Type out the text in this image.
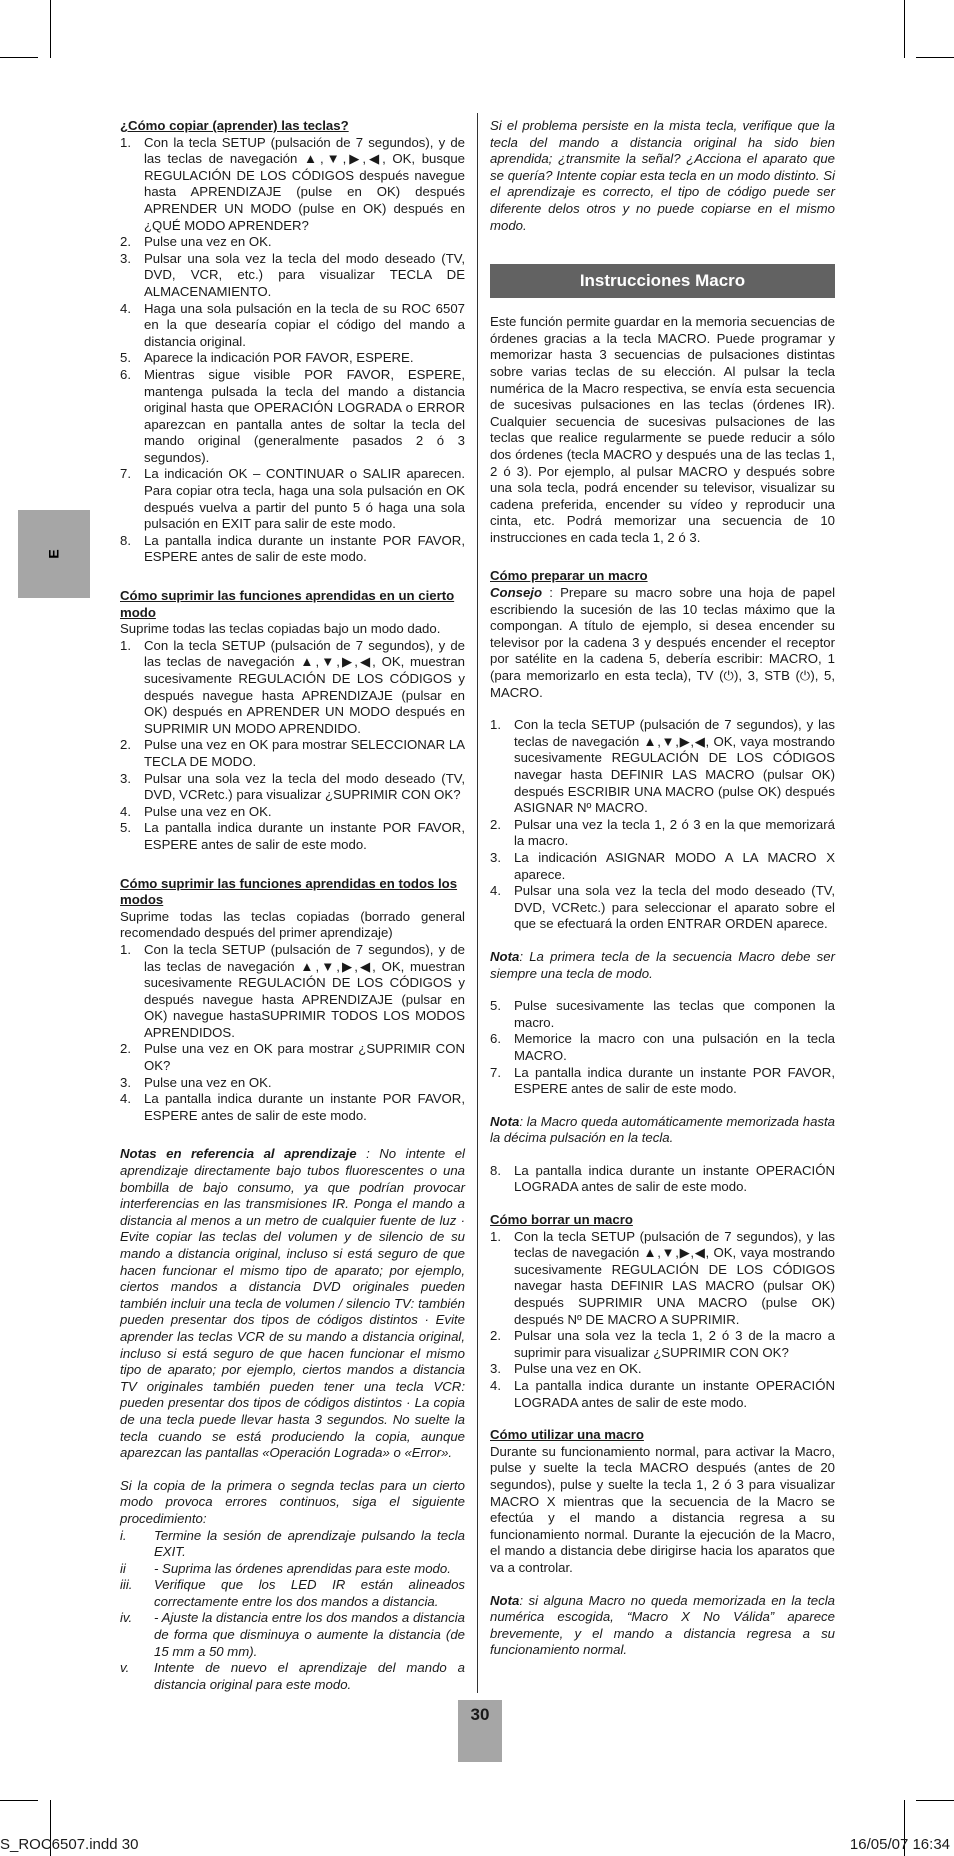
E
¿Cómo copiar (aprender) las teclas?
1. Con la tecla SETUP (pulsación de 7 segundos), y de las teclas de navegación ▲,▼,▶,◀, OK, busque REGULACIÓN DE LOS CÓDIGOS después navegue hasta APRENDIZAJE (pulse en OK) después APRENDER UN MODO (pulse en OK) después en ¿QUÉ MODO APRENDER?
2. Pulse una vez en OK.
3. Pulsar una sola vez la tecla del modo deseado (TV, DVD, VCR, etc.) para visualizar TECLA DE ALMACENAMIENTO.
4. Haga una sola pulsación en la tecla de su ROC 6507 en la que desearía copiar el código del mando a distancia original.
5. Aparece la indicación POR FAVOR, ESPERE.
6. Mientras sigue visible POR FAVOR, ESPERE, mantenga pulsada la tecla del mando a distancia original hasta que OPERACIÓN LOGRADA o ERROR aparezcan en pantalla antes de soltar la tecla del mando original (generalmente pasados 2 ó 3 segundos).
7. La indicación OK – CONTINUAR o SALIR aparecen. Para copiar otra tecla, haga una sola pulsación en OK después vuelva a partir del punto 5 ó haga una sola pulsación en EXIT para salir de este modo.
8. La pantalla indica durante un instante POR FAVOR, ESPERE antes de salir de este modo.
Cómo suprimir las funciones aprendidas en un cierto modo

Suprime todas las teclas copiadas bajo un modo dado.

1. Con la tecla SETUP (pulsación de 7 segundos), y de las teclas de navegación ▲,▼,▶,◀, OK, muestran sucesivamente REGULACIÓN DE LOS CÓDIGOS y después navegue hasta APRENDIZAJE (pulsar en OK) después en APRENDER UN MODO después en SUPRIMIR UN MODO APRENDIDO.
2. Pulse una vez en OK para mostrar SELECCIONAR LA TECLA DE MODO.
3. Pulsar una sola vez la tecla del modo deseado (TV, DVD, VCRetc.) para visualizar ¿SUPRIMIR CON OK?
4. Pulse una vez en OK.
5. La pantalla indica durante un instante POR FAVOR, ESPERE antes de salir de este modo.
Cómo suprimir las funciones aprendidas en todos los modos

Suprime todas las teclas copiadas (borrado general recomendado después del primer aprendizaje)

1. Con la tecla SETUP (pulsación de 7 segundos), y de las teclas de navegación ▲,▼,▶,◀, OK, muestran sucesivamente REGULACIÓN DE LOS CÓDIGOS y después navegue hasta APRENDIZAJE (pulsar en OK) navegue hastaSUPRIMIR TODOS LOS MODOS APRENDIDOS.
2. Pulse una vez en OK para mostrar ¿SUPRIMIR CON OK?
3. Pulse una vez en OK.
4. La pantalla indica durante un instante POR FAVOR, ESPERE antes de salir de este modo.

Notas en referencia al aprendizaje : No intente el aprendizaje directamente bajo tubos fluorescentes o una bombilla de bajo consumo, ya que podrían provocar interferencias en las transmisiones IR. Ponga el mando a distancia al menos a un metro de cualquier fuente de luz · Evite copiar las teclas del volumen y de silencio de su mando a distancia original, incluso si está seguro de que hacen funcionar el mismo tipo de aparato; por ejemplo, ciertos mandos a distancia DVD originales pueden también incluir una tecla de volumen / silencio TV: también pueden presentar dos tipos de códigos distintos · Evite aprender las teclas VCR de su mando a distancia original, incluso si está seguro de que hacen funcionar el mismo tipo de aparato; por ejemplo, ciertos mandos a distancia TV originales también pueden tener una tecla VCR: pueden presentar dos tipos de códigos distintos · La copia de una tecla puede llevar hasta 3 segundos. No suelte la tecla cuando se está produciendo la copia, aunque aparezcan las pantallas «Operación Lograda» o «Error».

Si la copia de la primera o segnda teclas para un cierto modo provoca errores continuos, siga el siguiente procedimiento:

i. Termine la sesión de aprendizaje pulsando la tecla EXIT.
ii - Suprima las órdenes aprendidas para este modo.
iii. Verifique que los LED IR están alineados correctamente entre los dos mandos a distancia.
iv. - Ajuste la distancia entre los dos mandos a distancia de forma que disminuya o aumente la distancia (de 15 mm a 50 mm).
v. Intente de nuevo el aprendizaje del mando a distancia original para este modo.

Si el problema persiste en la mista tecla, verifique que la tecla del mando a distancia original ha sido bien aprendida; ¿transmite la señal? ¿Acciona el aparato que se quería? Intente copiar esta tecla en un modo distinto. Si el aprendizaje es correcto, el tipo de código puede ser diferente delos otros y no puede copiarse en el mismo modo.

Instrucciones Macro

Este función permite guardar en la memoria secuencias de órdenes gracias a la tecla MACRO. Puede programar y memorizar hasta 3 secuencias de pulsaciones distintas sobre varias teclas de su elección. Al pulsar la tecla numérica de la Macro respectiva, se envía esta secuencia de sucesivas pulsaciones en las teclas (órdenes IR). Cualquier secuencia de sucesivas pulsaciones de las teclas que realice regularmente se puede reducir a sólo dos órdenes (tecla MACRO y después una de las teclas 1, 2 ó 3). Por ejemplo, al pulsar MACRO y después sobre una sola tecla, podrá encender su televisor, visualizar su cadena preferida, encender su vídeo y reproducir una cinta, etc. Podrá memorizar una secuencia de 10 instrucciones en cada tecla 1, 2 ó 3.

Cómo preparar un macro

Consejo : Prepare su macro sobre una hoja de papel escribiendo la sucesión de las 10 teclas máximo que la compongan. A título de ejemplo, si desea encender su televisor por la cadena 3 y después encender el receptor por satélite en la cadena 5, debería escribir: MACRO, 1 (para memorizarlo en esta tecla), TV (⏻), 3, STB (⏻), 5, MACRO.

1. Con la tecla SETUP (pulsación de 7 segundos), y las teclas de navegación ▲,▼,▶,◀, OK, vaya mostrando sucesivamente REGULACIÓN DE LOS CÓDIGOS navegar hasta DEFINIR LAS MACRO (pulsar OK) después ESCRIBIR UNA MACRO (pulse OK) después ASIGNAR Nº MACRO.
2. Pulsar una vez la tecla 1, 2 ó 3 en la que memorizará la macro.
3. La indicación ASIGNAR MODO A LA MACRO X aparece.
4. Pulsar una sola vez la tecla del modo deseado (TV, DVD, VCRetc.) para seleccionar el aparato sobre el que se efectuará la orden ENTRAR ORDEN aparece.

Nota: La primera tecla de la secuencia Macro debe ser siempre una tecla de modo.

5. Pulse sucesivamente las teclas que componen la macro.
6. Memorice la macro con una pulsación en la tecla MACRO.
7. La pantalla indica durante un instante POR FAVOR, ESPERE antes de salir de este modo.

Nota: la Macro queda automáticamente memorizada hasta la décima pulsación en la tecla.

8. La pantalla indica durante un instante OPERACIÓN LOGRADA antes de salir de este modo.
Cómo borrar un macro
1. Con la tecla SETUP (pulsación de 7 segundos), y las teclas de navegación ▲,▼,▶,◀, OK, vaya mostrando sucesivamente REGULACIÓN DE LOS CÓDIGOS navegar hasta DEFINIR LAS MACRO (pulsar OK) después SUPRIMIR UNA MACRO (pulse OK) después Nº DE MACRO A SUPRIMIR.
2. Pulsar una sola vez la tecla 1, 2 ó 3 de la macro a suprimir para visualizar ¿SUPRIMIR CON OK?
3. Pulse una vez en OK.
4. La pantalla indica durante un instante OPERACIÓN LOGRADA antes de salir de este modo.
Cómo utilizar una macro

Durante su funcionamiento normal, para activar la Macro, pulse y suelte la tecla MACRO después (antes de 20 segundos), pulse y suelte la tecla 1, 2 ó 3 para visualizar MACRO X mientras que la secuencia de la Macro se efectúa y el mando a distancia regresa a su funcionamiento normal. Durante la ejecución de la Macro, el mando a distancia debe dirigirse hacia los aparatos que va a controlar.

Nota: si alguna Macro no queda memorizada en la tecla numérica escogida, “Macro X No Válida” aparece brevemente, y el mando a distancia regresa a su funcionamiento normal.

30
S_ROC6507.indd 30	16/05/07 16:34
